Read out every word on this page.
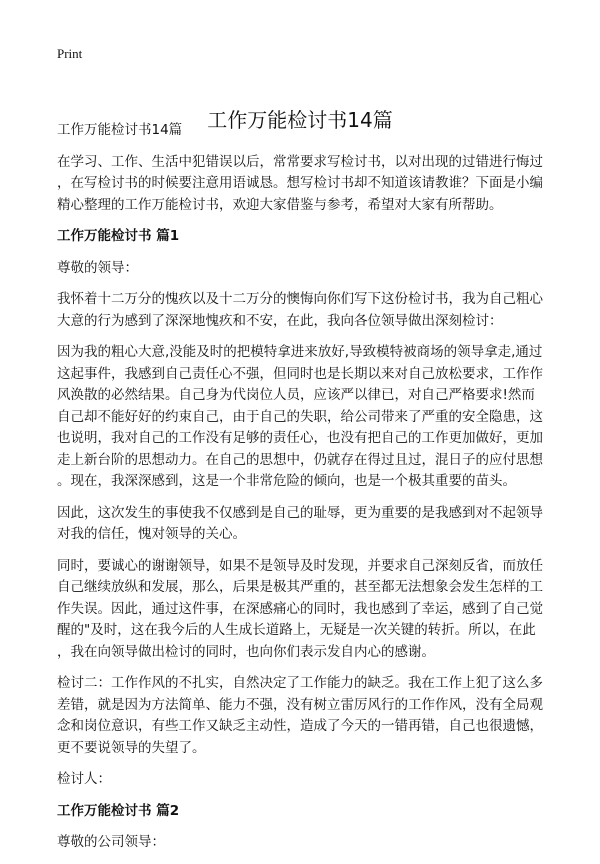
Print
工作万能检讨书14篇
工作万能检讨书14篇
在学习、工作、生活中犯错误以后，常常要求写检讨书，以对出现的过错进行悔过
，在写检讨书的时候要注意用语诚恳。想写检讨书却不知道该请教谁？下面是小编
精心整理的工作万能检讨书，欢迎大家借鉴与参考，希望对大家有所帮助。
工作万能检讨书 篇1
尊敬的领导：
我怀着十二万分的愧疚以及十二万分的懊悔向你们写下这份检讨书，我为自己粗心
大意的行为感到了深深地愧疚和不安，在此，我向各位领导做出深刻检讨：
因为我的粗心大意,没能及时的把模特拿进来放好,导致模特被商场的领导拿走,通过
这起事件，我感到自己责任心不强，但同时也是长期以来对自己放松要求，工作作
风涣散的必然结果。自己身为代岗位人员，应该严以律已，对自己严格要求!然而
自己却不能好好的约束自己，由于自己的失职，给公司带来了严重的安全隐患，这
也说明，我对自己的工作没有足够的责任心，也没有把自己的工作更加做好，更加
走上新台阶的思想动力。在自己的思想中，仍就存在得过且过，混日子的应付思想
。现在，我深深感到，这是一个非常危险的倾向，也是一个极其重要的苗头。
因此，这次发生的事使我不仅感到是自己的耻辱，更为重要的是我感到对不起领导
对我的信任，愧对领导的关心。
同时，要诚心的谢谢领导，如果不是领导及时发现，并要求自己深刻反省，而放任
自己继续放纵和发展，那么，后果是极其严重的，甚至都无法想象会发生怎样的工
作失误。因此，通过这件事，在深感痛心的同时，我也感到了幸运，感到了自己觉
醒的"及时，这在我今后的人生成长道路上，无疑是一次关键的转折。所以，在此
，我在向领导做出检讨的同时，也向你们表示发自内心的感谢。
检讨二：工作作风的不扎实，自然决定了工作能力的缺乏。我在工作上犯了这么多
差错，就是因为方法简单、能力不强，没有树立雷厉风行的工作作风，没有全局观
念和岗位意识，有些工作又缺乏主动性，造成了今天的一错再错，自己也很遗憾，
更不要说领导的失望了。
检讨人：
工作万能检讨书 篇2
尊敬的公司领导：
